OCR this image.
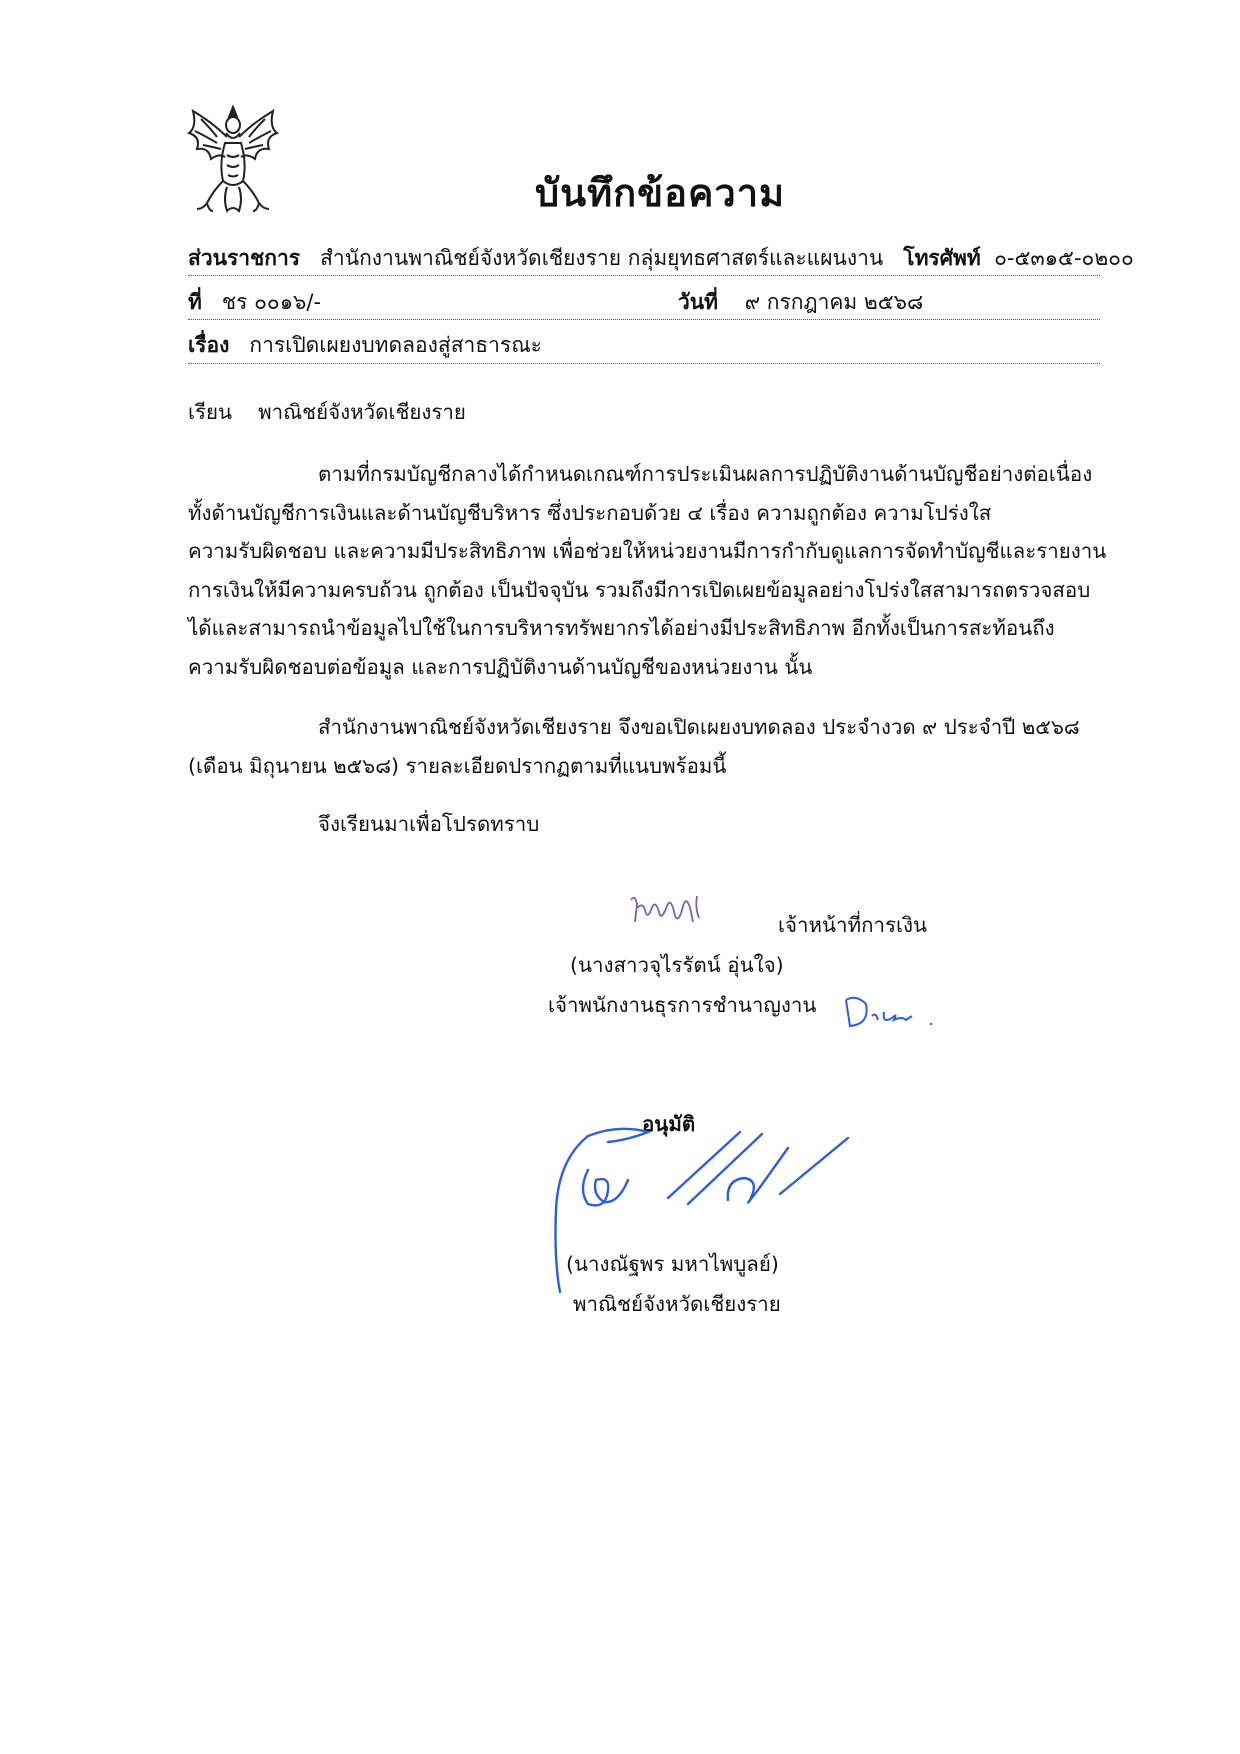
บันทึกข้อความ
ส่วนราชการ สำนักงานพาณิชย์จังหวัดเชียงราย กลุ่มยุทธศาสตร์และแผนงาน โทรศัพท์ ๐-๕๓๑๕-๐๒๐๐
ที่ ชร ๐๐๑๖/-	วันที่ ๙ กรกฎาคม ๒๕๖๘
เรื่อง การเปิดเผยงบทดลองสู่สาธารณะ
เรียน พาณิชย์จังหวัดเชียงราย
ตามที่กรมบัญชีกลางได้กำหนดเกณฑ์การประเมินผลการปฏิบัติงานด้านบัญชีอย่างต่อเนื่อง
ทั้งด้านบัญชีการเงินและด้านบัญชีบริหาร ซึ่งประกอบด้วย ๔ เรื่อง ความถูกต้อง ความโปร่งใส
ความรับผิดชอบ และความมีประสิทธิภาพ เพื่อช่วยให้หน่วยงานมีการกำกับดูแลการจัดทำบัญชีและรายงาน
การเงินให้มีความครบถ้วน ถูกต้อง เป็นปัจจุบัน รวมถึงมีการเปิดเผยข้อมูลอย่างโปร่งใสสามารถตรวจสอบ
ได้และสามารถนำข้อมูลไปใช้ในการบริหารทรัพยากรได้อย่างมีประสิทธิภาพ อีกทั้งเป็นการสะท้อนถึง
ความรับผิดชอบต่อข้อมูล และการปฏิบัติงานด้านบัญชีของหน่วยงาน นั้น
สำนักงานพาณิชย์จังหวัดเชียงราย จึงขอเปิดเผยงบทดลอง ประจำงวด ๙ ประจำปี ๒๕๖๘
(เดือน มิถุนายน ๒๕๖๘) รายละเอียดปรากฏตามที่แนบพร้อมนี้
จึงเรียนมาเพื่อโปรดทราบ
เจ้าหน้าที่การเงิน
(นางสาวจุไรรัตน์ อุ่นใจ)
เจ้าพนักงานธุรการชำนาญงาน
อนุมัติ
(นางณัฐพร มหาไพบูลย์)
พาณิชย์จังหวัดเชียงราย
